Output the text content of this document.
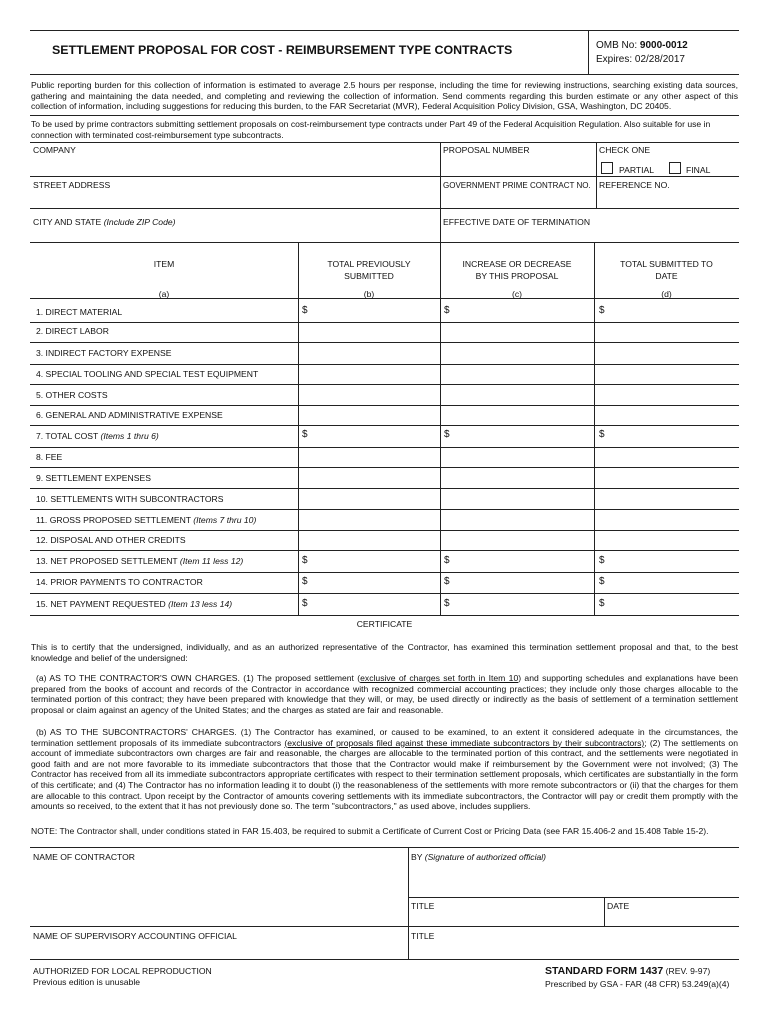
SETTLEMENT PROPOSAL FOR COST - REIMBURSEMENT TYPE CONTRACTS	OMB No: 9000-0012
Expires: 02/28/2017
Public reporting burden for this collection of information is estimated to average 2.5 hours per response, including the time for reviewing instructions, searching existing data sources, gathering and maintaining the data needed, and completing and reviewing the collection of information. Send comments regarding this burden estimate or any other aspect of this collection of information, including suggestions for reducing this burden, to the FAR Secretariat (MVR), Federal Acquisition Policy Division, GSA, Washington, DC 20405.
To be used by prime contractors submitting settlement proposals on cost-reimbursement type contracts under Part 49 of the Federal Acquisition Regulation. Also suitable for use in connection with terminated cost-reimbursement type subcontracts.
COMPANY	PROPOSAL NUMBER	CHECK ONE
PARTIAL	FINAL
STREET ADDRESS	GOVERNMENT PRIME CONTRACT NO. REFERENCE NO.
CITY AND STATE (Include ZIP Code)	EFFECTIVE DATE OF TERMINATION
ITEM
(a)
TOTAL PREVIOUSLY
SUBMITTED
(b)
INCREASE OR DECREASE
BY THIS PROPOSAL
(c)
TOTAL SUBMITTED TO
DATE
(d)
1. DIRECT MATERIAL	$	$	$
2. DIRECT LABOR
3. INDIRECT FACTORY EXPENSE
4. SPECIAL TOOLING AND SPECIAL TEST EQUIPMENT
5. OTHER COSTS
6. GENERAL AND ADMINISTRATIVE EXPENSE
7. TOTAL COST (Items 1 thru 6)	$	$	$
8. FEE
9. SETTLEMENT EXPENSES
10. SETTLEMENTS WITH SUBCONTRACTORS
11. GROSS PROPOSED SETTLEMENT (Items 7 thru 10)
12. DISPOSAL AND OTHER CREDITS
13. NET PROPOSED SETTLEMENT (Item 11 less 12)	$	$	$
14. PRIOR PAYMENTS TO CONTRACTOR	$	$	$
15. NET PAYMENT REQUESTED (Item 13 less 14)	$	$	$
CERTIFICATE
This is to certify that the undersigned, individually, and as an authorized representative of the Contractor, has examined this termination settlement proposal and that, to the best knowledge and belief of the undersigned:
(a) AS TO THE CONTRACTOR'S OWN CHARGES. (1) The proposed settlement (exclusive of charges set forth in Item 10) and supporting schedules and explanations have been prepared from the books of account and records of the Contractor in accordance with recognized commercial accounting practices; they include only those charges allocable to the terminated portion of this contract; they have been prepared with knowledge that they will, or may, be used directly or indirectly as the basis of settlement of a termination settlement proposal or claim against an agency of the United States; and the charges as stated are fair and reasonable.
(b) AS TO THE SUBCONTRACTORS' CHARGES. (1) The Contractor has examined, or caused to be examined, to an extent it considered adequate in the circumstances, the termination settlement proposals of its immediate subcontractors (exclusive of proposals filed against these immediate subcontractors by their subcontractors); (2) The settlements on account of immediate subcontractors own charges are fair and reasonable, the charges are allocable to the terminated portion of this contract, and the settlements were negotiated in good faith and are not more favorable to its immediate subcontractors that those that the Contractor would make if reimbursement by the Government were not involved; (3) The Contractor has received from all its immediate subcontractors appropriate certificates with respect to their termination settlement proposals, which certificates are substantially in the form of this certificate; and (4) The Contractor has no information leading it to doubt (i) the reasonableness of the settlements with more remote subcontractors or (ii) that the charges for them are allocable to this contract. Upon receipt by the Contractor of amounts covering settlements with its immediate subcontractors, the Contractor will pay or credit them promptly with the amounts so received, to the extent that it has not previously done so. The term "subcontractors," as used above, includes suppliers.
NOTE: The Contractor shall, under conditions stated in FAR 15.403, be required to submit a Certificate of Current Cost or Pricing Data (see FAR 15.406-2 and 15.408 Table 15-2).
NAME OF CONTRACTOR	BY (Signature of authorized official)
TITLE	DATE
NAME OF SUPERVISORY ACCOUNTING OFFICIAL	TITLE
AUTHORIZED FOR LOCAL REPRODUCTION
Previous edition is unusable
STANDARD FORM 1437 (REV. 9-97)
Prescribed by GSA - FAR (48 CFR) 53.249(a)(4)
